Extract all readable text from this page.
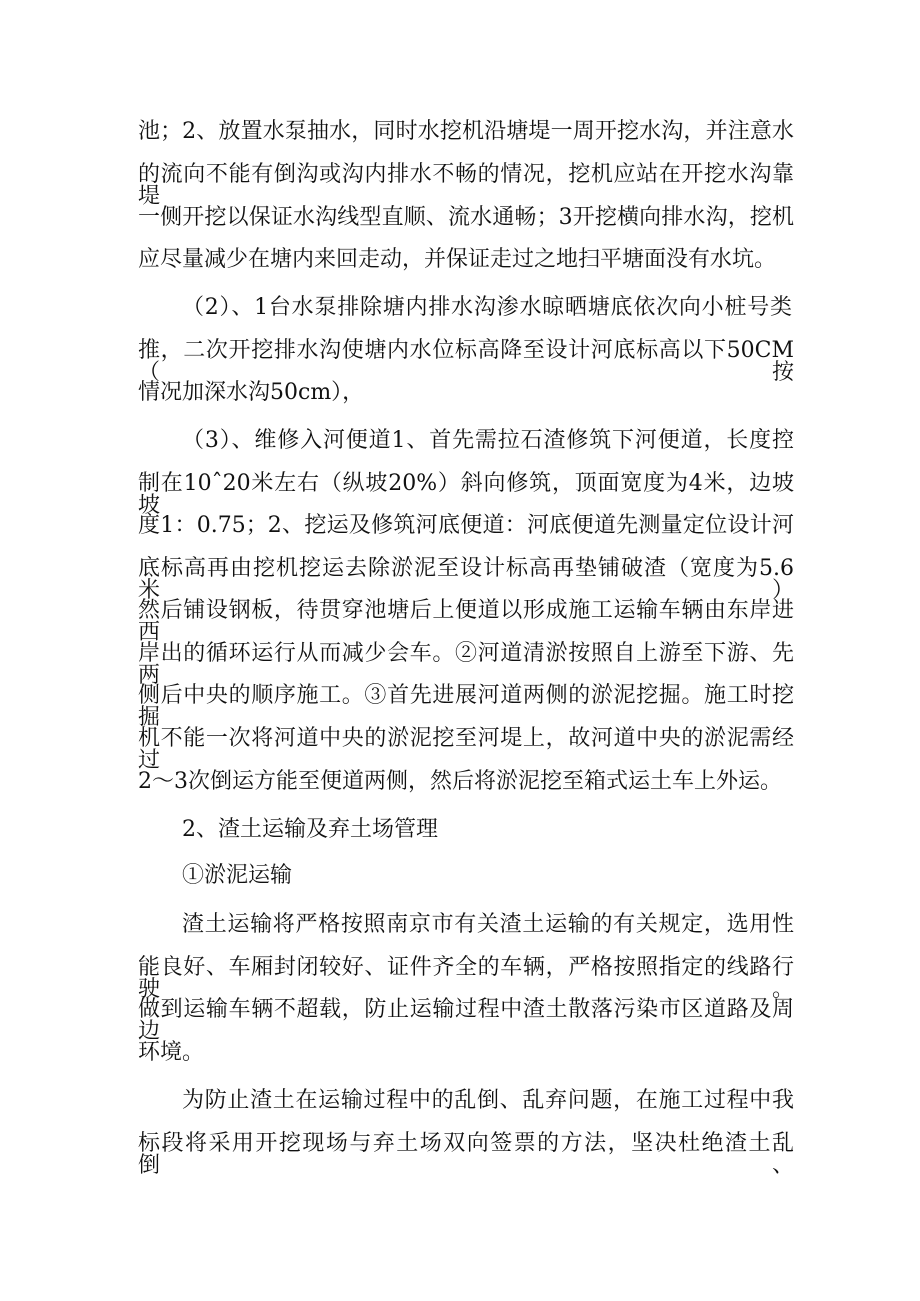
池；2、放置水泵抽水，同时水挖机沿塘堤一周开挖水沟，并注意水
的流向不能有倒沟或沟内排水不畅的情况，挖机应站在开挖水沟靠堤
一侧开挖以保证水沟线型直顺、流水通畅；3开挖横向排水沟，挖机
应尽量减少在塘内来回走动，并保证走过之地扫平塘面没有水坑。
（2）、1台水泵排除塘内排水沟渗水晾晒塘底依次向小桩号类
推，二次开挖排水沟使塘内水位标高降至设计河底标高以下50CM（按
情况加深水沟50cm），
（3）、维修入河便道1、首先需拉石渣修筑下河便道，长度控
制在10ˆ20米左右（纵坡20%）斜向修筑，顶面宽度为4米，边坡坡
度1：0.75；2、挖运及修筑河底便道：河底便道先测量定位设计河
底标高再由挖机挖运去除淤泥至设计标高再垫铺破渣（宽度为5.6米）
然后铺设钢板，待贯穿池塘后上便道以形成施工运输车辆由东岸进西
岸出的循环运行从而减少会车。②河道清淤按照自上游至下游、先两
侧后中央的顺序施工。③首先进展河道两侧的淤泥挖掘。施工时挖掘
机不能一次将河道中央的淤泥挖至河堤上，故河道中央的淤泥需经过
2〜3次倒运方能至便道两侧，然后将淤泥挖至箱式运土车上外运。
2、渣土运输及弃土场管理
①淤泥运输
渣土运输将严格按照南京市有关渣土运输的有关规定，选用性
能良好、车厢封闭较好、证件齐全的车辆，严格按照指定的线路行驶。
做到运输车辆不超载，防止运输过程中渣土散落污染市区道路及周边
环境。
为防止渣土在运输过程中的乱倒、乱弃问题，在施工过程中我
标段将采用开挖现场与弃土场双向签票的方法，坚决杜绝渣土乱倒、
